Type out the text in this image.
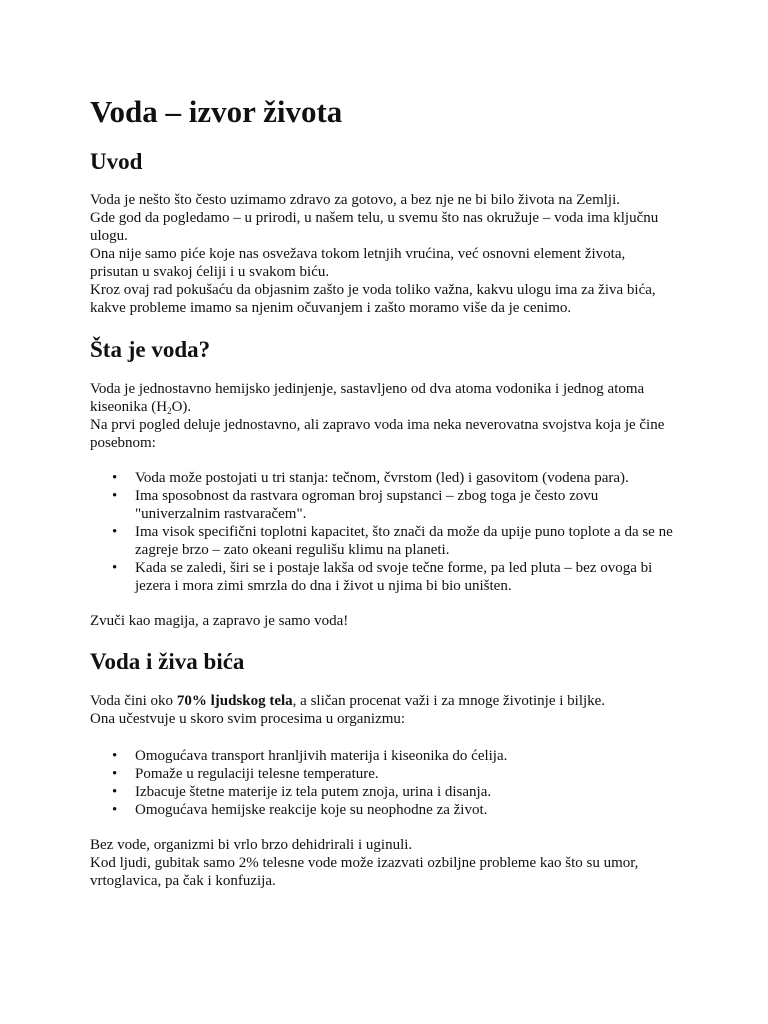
Voda – izvor života
Uvod
Voda je nešto što često uzimamo zdravo za gotovo, a bez nje ne bi bilo života na Zemlji.
Gde god da pogledamo – u prirodi, u našem telu, u svemu što nas okružuje – voda ima ključnu
ulogu.
Ona nije samo piće koje nas osvežava tokom letnjih vrućina, već osnovni element života,
prisutan u svakoj ćeliji i u svakom biću.
Kroz ovaj rad pokušaću da objasnim zašto je voda toliko važna, kakvu ulogu ima za živa bića,
kakve probleme imamo sa njenim očuvanjem i zašto moramo više da je cenimo.
Šta je voda?
Voda je jednostavno hemijsko jedinjenje, sastavljeno od dva atoma vodonika i jednog atoma
kiseonika $(H_2O)$.
Na prvi pogled deluje jednostavno, ali zapravo voda ima neka neverovatna svojstva koja je čine
posebnom:
• Voda može postojati u tri stanja: tečnom, čvrstom (led) i gasovitom (vodena para).
• Ima sposobnost da rastvara ogroman broj supstanci – zbog toga je često zovu
"univerzalnim rastvaračem".
• Ima visok specifični toplotni kapacitet, što znači da može da upije puno toplote a da se ne
zagreje brzo – zato okeani regulišu klimu na planeti.
• Kada se zaledi, širi se i postaje lakša od svoje tečne forme, pa led pluta – bez ovoga bi
jezera i mora zimi smrzla do dna i život u njima bi bio uništen.
Zvuči kao magija, a zapravo je samo voda!
Voda i živa bića
Voda čini oko 70% ljudskog tela, a sličan procenat važi i za mnoge životinje i biljke.
Ona učestvuje u skoro svim procesima u organizmu:
• Omogućava transport hranljivih materija i kiseonika do ćelija.
• Pomaže u regulaciji telesne temperature.
• Izbacuje štetne materije iz tela putem znoja, urina i disanja.
• Omogućava hemijske reakcije koje su neophodne za život.
Bez vode, organizmi bi vrlo brzo dehidrirali i uginuli.
Kod ljudi, gubitak samo 2% telesne vode može izazvati ozbiljne probleme kao što su umor,
vrtoglavica, pa čak i konfuzija.
